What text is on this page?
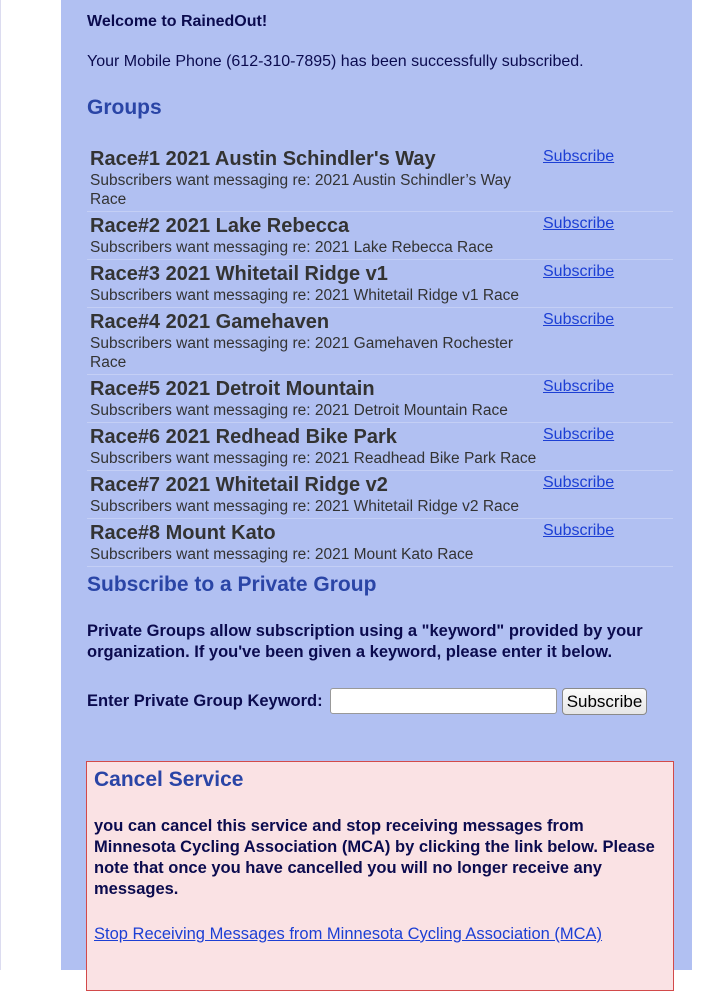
Welcome to RainedOut!
Your Mobile Phone (612-310-7895) has been successfully subscribed.
Groups
Race#1 2021 Austin Schindler's Way
Subscribers want messaging re: 2021 Austin Schindler’s Way Race
Subscribe
Race#2 2021 Lake Rebecca
Subscribers want messaging re: 2021 Lake Rebecca Race
Subscribe
Race#3 2021 Whitetail Ridge v1
Subscribers want messaging re: 2021 Whitetail Ridge v1 Race
Subscribe
Race#4 2021 Gamehaven
Subscribers want messaging re: 2021 Gamehaven Rochester Race
Subscribe
Race#5 2021 Detroit Mountain
Subscribers want messaging re: 2021 Detroit Mountain Race
Subscribe
Race#6 2021 Redhead Bike Park
Subscribers want messaging re: 2021 Readhead Bike Park Race
Subscribe
Race#7 2021 Whitetail Ridge v2
Subscribers want messaging re: 2021 Whitetail Ridge v2 Race
Subscribe
Race#8 Mount Kato
Subscribers want messaging re: 2021 Mount Kato Race
Subscribe
Subscribe to a Private Group
Private Groups allow subscription using a "keyword" provided by your organization. If you've been given a keyword, please enter it below.
Enter Private Group Keyword:	Subscribe
Cancel Service
you can cancel this service and stop receiving messages from Minnesota Cycling Association (MCA) by clicking the link below. Please note that once you have cancelled you will no longer receive any messages.
Stop Receiving Messages from Minnesota Cycling Association (MCA)
